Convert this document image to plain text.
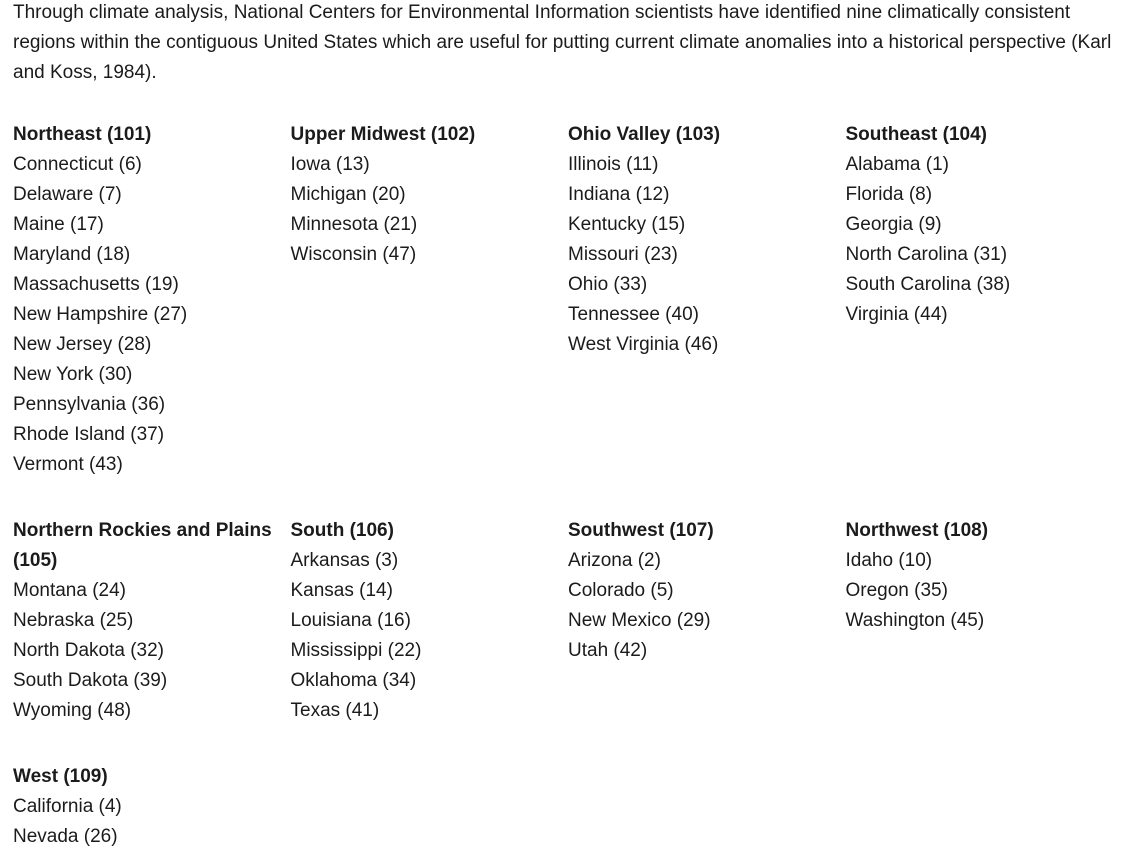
Through climate analysis, National Centers for Environmental Information scientists have identified nine climatically consistent regions within the contiguous United States which are useful for putting current climate anomalies into a historical perspective (Karl and Koss, 1984).

Northeast (101)
Connecticut (6)
Delaware (7)
Maine (17)
Maryland (18)
Massachusetts (19)
New Hampshire (27)
New Jersey (28)
New York (30)
Pennsylvania (36)
Rhode Island (37)
Vermont (43)
Upper Midwest (102)
Iowa (13)
Michigan (20)
Minnesota (21)
Wisconsin (47)
Ohio Valley (103)
Illinois (11)
Indiana (12)
Kentucky (15)
Missouri (23)
Ohio (33)
Tennessee (40)
West Virginia (46)
Southeast (104)
Alabama (1)
Florida (8)
Georgia (9)
North Carolina (31)
South Carolina (38)
Virginia (44)
Northern Rockies and Plains (105)
Montana (24)
Nebraska (25)
North Dakota (32)
South Dakota (39)
Wyoming (48)
South (106)
Arkansas (3)
Kansas (14)
Louisiana (16)
Mississippi (22)
Oklahoma (34)
Texas (41)
Southwest (107)
Arizona (2)
Colorado (5)
New Mexico (29)
Utah (42)
Northwest (108)
Idaho (10)
Oregon (35)
Washington (45)
West (109)
California (4)
Nevada (26)
